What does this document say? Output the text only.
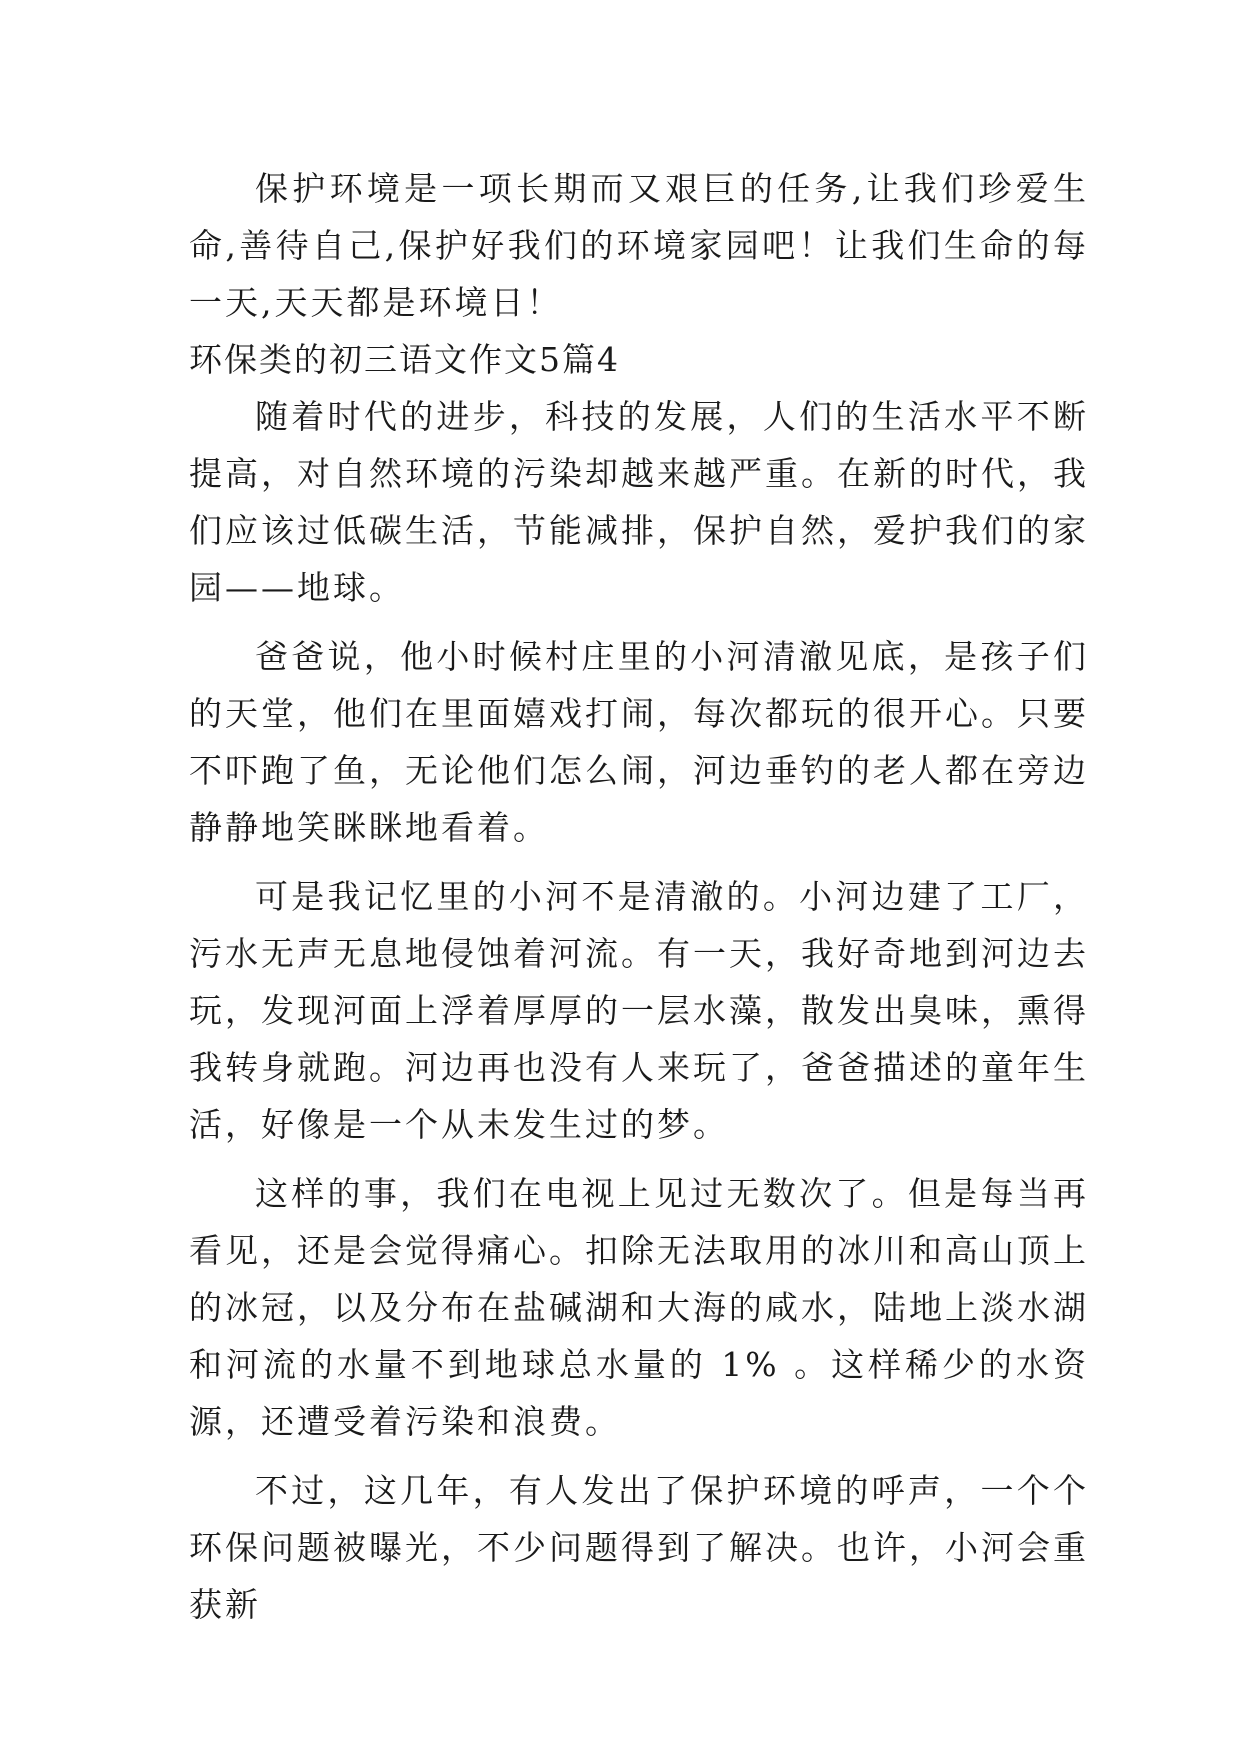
保护环境是一项长期而又艰巨的任务,让我们珍爱生命,善待自己,保护好我们的环境家园吧！让我们生命的每一天,天天都是环境日！

环保类的初三语文作文5篇4

随着时代的进步，科技的发展，人们的生活水平不断提高，对自然环境的污染却越来越严重。在新的时代，我们应该过低碳生活，节能减排，保护自然，爱护我们的家园——地球。

爸爸说，他小时候村庄里的小河清澈见底，是孩子们的天堂，他们在里面嬉戏打闹，每次都玩的很开心。只要不吓跑了鱼，无论他们怎么闹，河边垂钓的老人都在旁边静静地笑眯眯地看着。

可是我记忆里的小河不是清澈的。小河边建了工厂，污水无声无息地侵蚀着河流。有一天，我好奇地到河边去玩，发现河面上浮着厚厚的一层水藻，散发出臭味，熏得我转身就跑。河边再也没有人来玩了，爸爸描述的童年生活，好像是一个从未发生过的梦。

这样的事，我们在电视上见过无数次了。但是每当再看见，还是会觉得痛心。扣除无法取用的冰川和高山顶上的冰冠，以及分布在盐碱湖和大海的咸水，陆地上淡水湖和河流的水量不到地球总水量的 1% 。这样稀少的水资源，还遭受着污染和浪费。

不过，这几年，有人发出了保护环境的呼声，一个个环保问题被曝光，不少问题得到了解决。也许，小河会重获新
